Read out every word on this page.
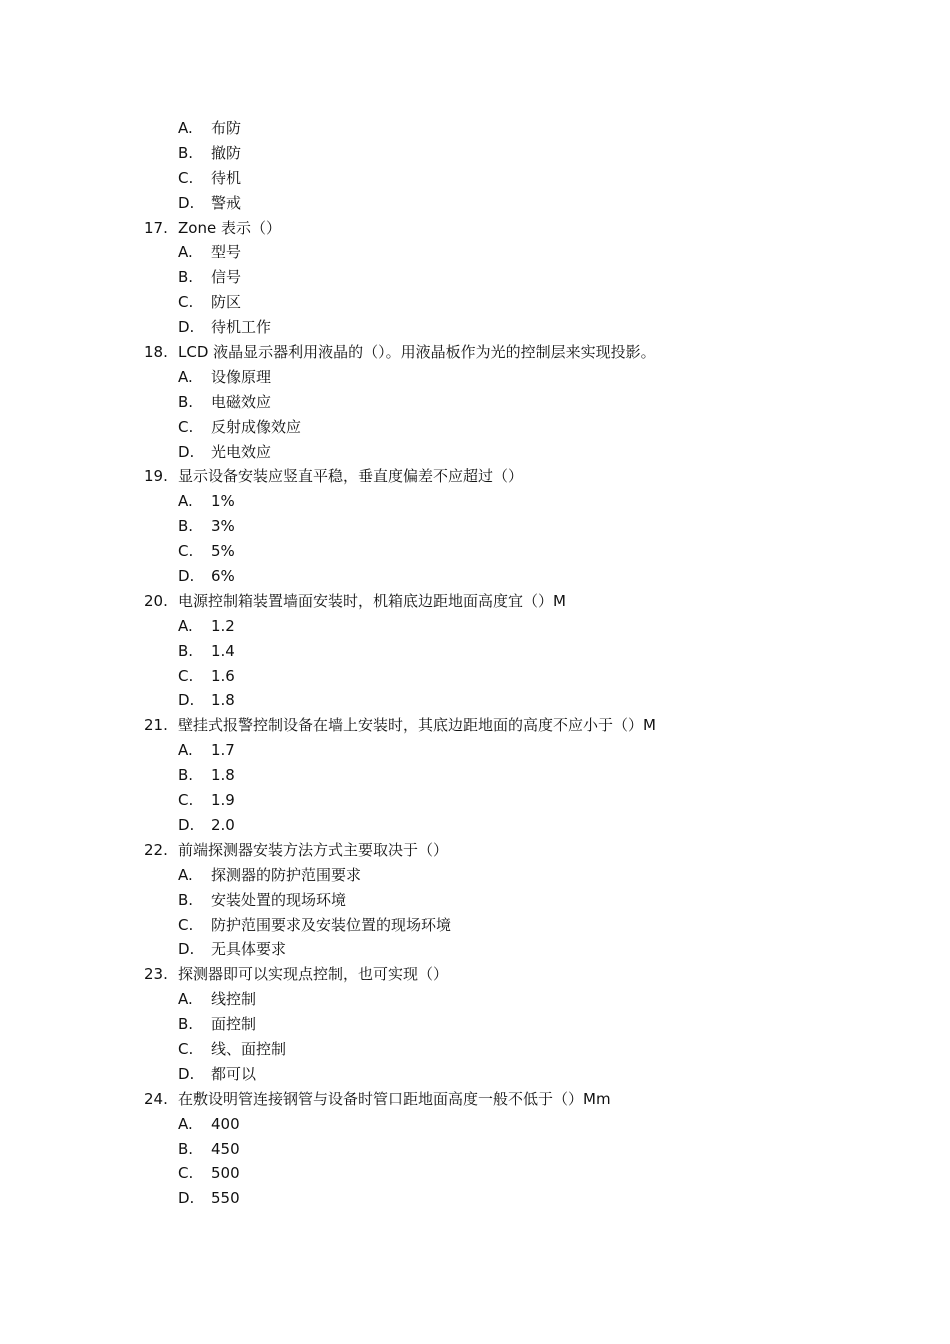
A.	布防
B.	撤防
C.	待机
D.	警戒
17. Zone 表示（）
A.	型号
B.	信号
C.	防区
D.	待机工作
18. LCD 液晶显示器利用液晶的（）。用液晶板作为光的控制层来实现投影。
A.	设像原理
B.	电磁效应
C.	反射成像效应
D.	光电效应
19. 显示设备安装应竖直平稳，垂直度偏差不应超过（）
A.	1%
B.	3%
C.	5%
D.	6%
20. 电源控制箱装置墙面安装时，机箱底边距地面高度宜（）M
A.	1.2
B.	1.4
C.	1.6
D.	1.8
21. 壁挂式报警控制设备在墙上安装时，其底边距地面的高度不应小于（）M
A.	1.7
B.	1.8
C.	1.9
D.	2.0
22. 前端探测器安装方法方式主要取决于（）
A.	探测器的防护范围要求
B.	安装处置的现场环境
C.	防护范围要求及安装位置的现场环境
D.	无具体要求
23. 探测器即可以实现点控制，也可实现（）
A.	线控制
B.	面控制
C.	线、面控制
D.	都可以
24. 在敷设明管连接钢管与设备时管口距地面高度一般不低于（）Mm
A.	400
B.	450
C.	500
D.	550
